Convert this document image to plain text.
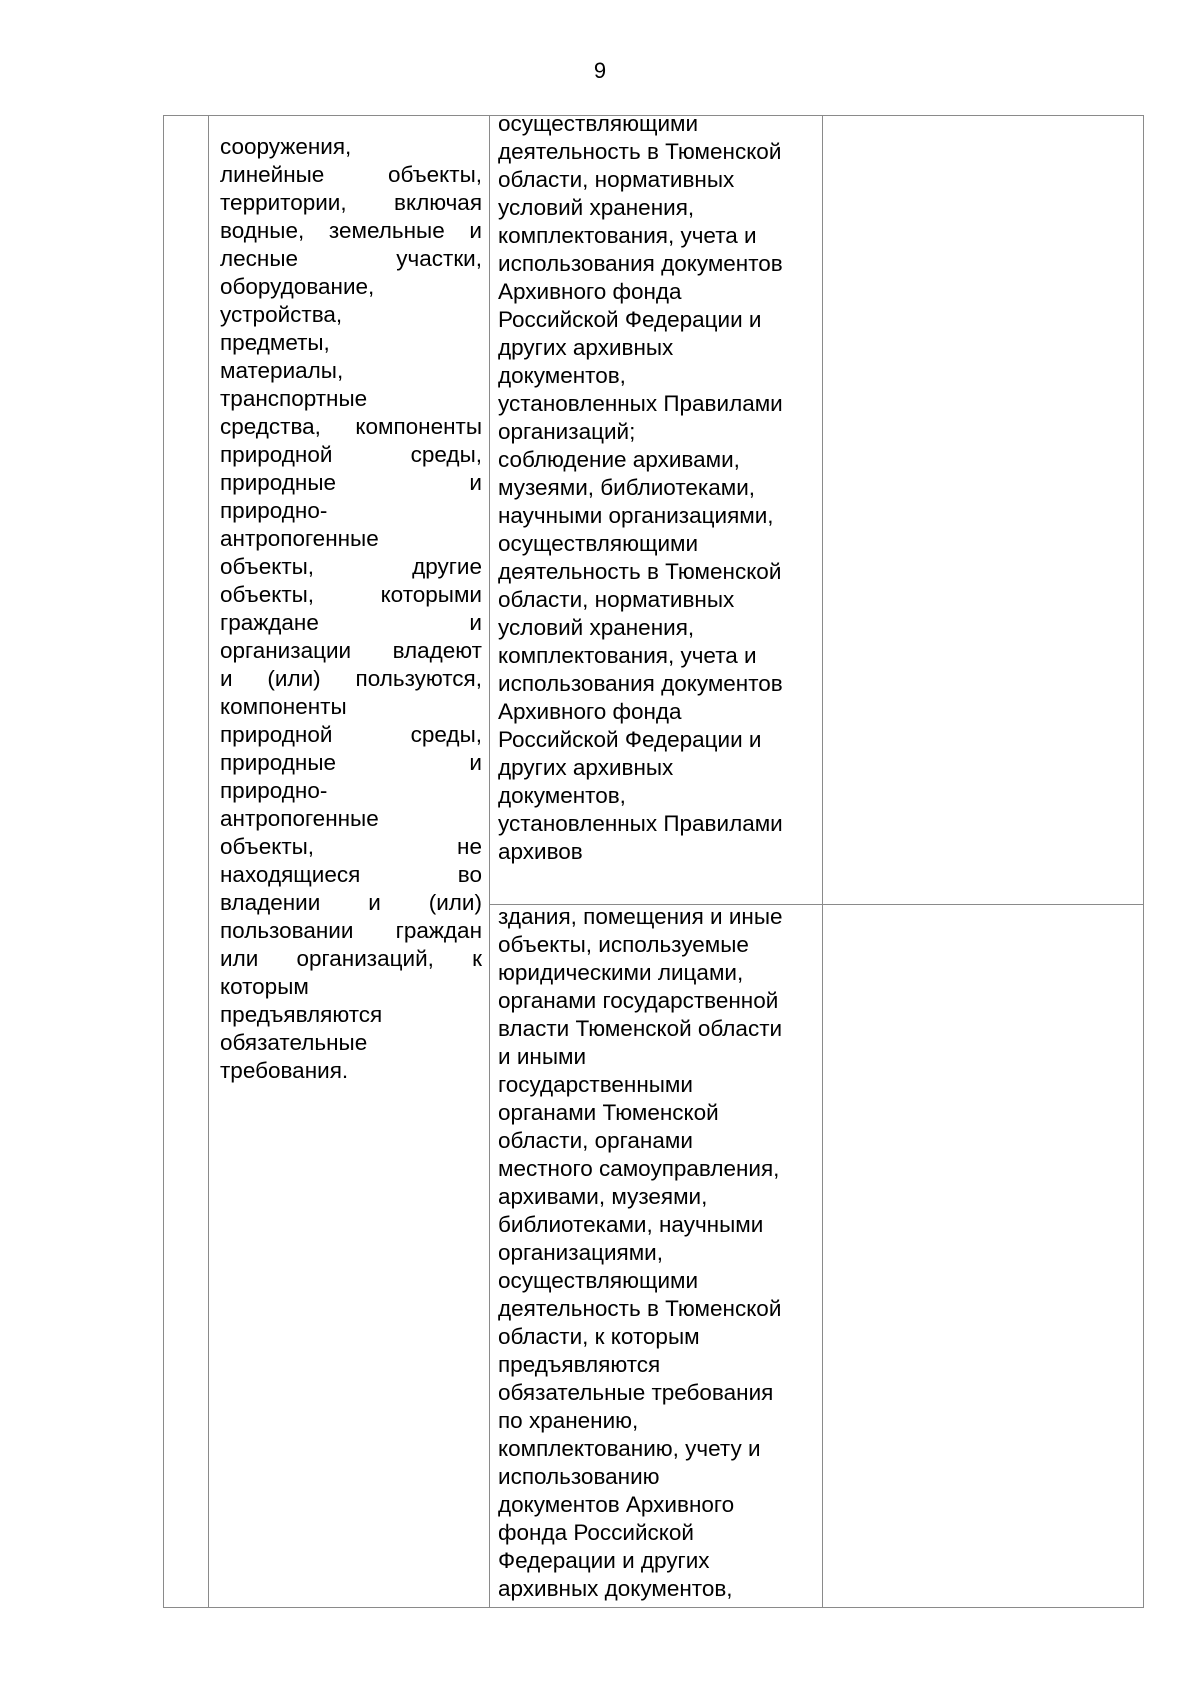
9
сооружения,
линейные объекты,
территории, включая
водные, земельные и
лесные участки,
оборудование,
устройства,
предметы,
материалы,
транспортные
средства, компоненты
природной среды,
природные и
природно-
антропогенные
объекты, другие
объекты, которыми
граждане и
организации владеют
и (или) пользуются,
компоненты
природной среды,
природные и
природно-
антропогенные
объекты, не
находящиеся во
владении и (или)
пользовании граждан
или организаций, к
которым
предъявляются
обязательные
требования.
осуществляющими
деятельность в Тюменской
области, нормативных
условий хранения,
комплектования, учета и
использования документов
Архивного фонда
Российской Федерации и
других архивных
документов,
установленных Правилами
организаций;
соблюдение архивами,
музеями, библиотеками,
научными организациями,
осуществляющими
деятельность в Тюменской
области, нормативных
условий хранения,
комплектования, учета и
использования документов
Архивного фонда
Российской Федерации и
других архивных
документов,
установленных Правилами
архивов
здания, помещения и иные
объекты, используемые
юридическими лицами,
органами государственной
власти Тюменской области
и иными
государственными
органами Тюменской
области, органами
местного самоуправления,
архивами, музеями,
библиотеками, научными
организациями,
осуществляющими
деятельность в Тюменской
области, к которым
предъявляются
обязательные требования
по хранению,
комплектованию, учету и
использованию
документов Архивного
фонда Российской
Федерации и других
архивных документов,
